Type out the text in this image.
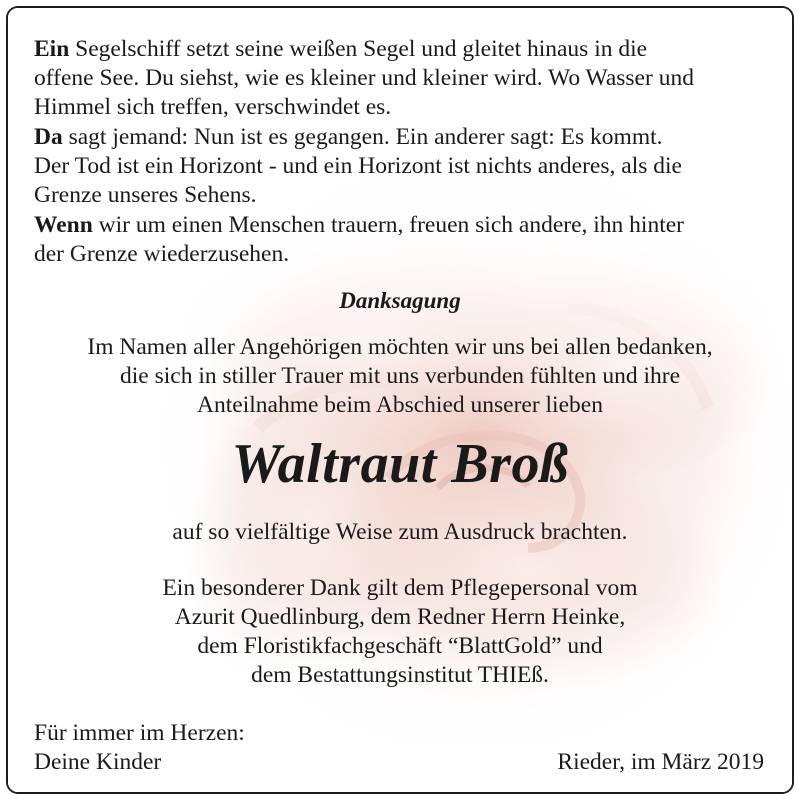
Ein Segelschiff setzt seine weißen Segel und gleitet hinaus in die

offene See. Du siehst, wie es kleiner und kleiner wird. Wo Wasser und

Himmel sich treffen, verschwindet es.

Da sagt jemand: Nun ist es gegangen. Ein anderer sagt: Es kommt.

Der Tod ist ein Horizont - und ein Horizont ist nichts anderes, als die

Grenze unseres Sehens.

Wenn wir um einen Menschen trauern, freuen sich andere, ihn hinter

der Grenze wiederzusehen.

Danksagung

Im Namen aller Angehörigen möchten wir uns bei allen bedanken,

die sich in stiller Trauer mit uns verbunden fühlten und ihre

Anteilnahme beim Abschied unserer lieben

Waltraut Broß

auf so vielfältige Weise zum Ausdruck brachten.

Ein besonderer Dank gilt dem Pflegepersonal vom

Azurit Quedlinburg, dem Redner Herrn Heinke,

dem Floristikfachgeschäft “BlattGold” und

dem Bestattungsinstitut THIEß.

Für immer im Herzen:

Deine Kinder	Rieder, im März 2019
